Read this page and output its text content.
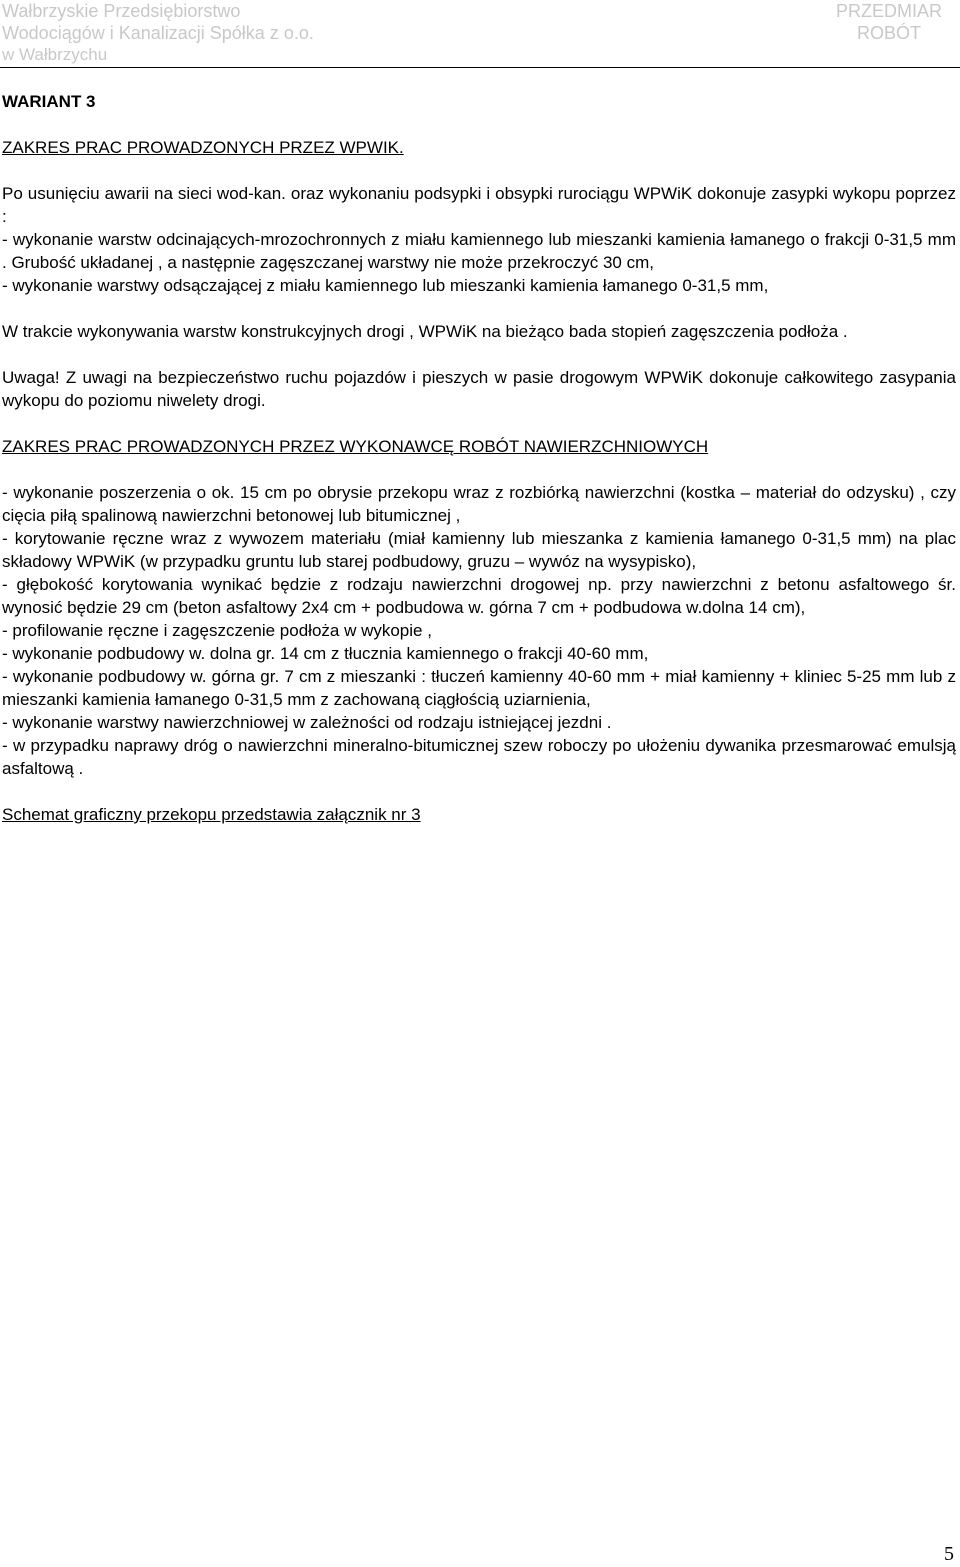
Wałbrzyskie Przedsiębiorstwo
Wodociągów i Kanalizacji Spółka z o.o.
w Wałbrzychu
PRZEDMIAR
ROBÓT

WARIANT 3

ZAKRES PRAC PROWADZONYCH PRZEZ WPWIK.

Po usunięciu awarii na sieci wod-kan. oraz wykonaniu podsypki i obsypki rurociągu WPWiK dokonuje zasypki wykopu poprzez :

- wykonanie warstw odcinających-mrozochronnych z miału kamiennego lub mieszanki kamienia łamanego o frakcji 0-31,5 mm . Grubość układanej , a następnie zagęszczanej warstwy nie może przekroczyć 30 cm,

- wykonanie warstwy odsączającej z miału kamiennego lub mieszanki kamienia łamanego 0-31,5 mm,

W trakcie wykonywania warstw konstrukcyjnych drogi , WPWiK na bieżąco bada stopień zagęszczenia podłoża .

Uwaga! Z uwagi na bezpieczeństwo ruchu pojazdów i pieszych w pasie drogowym WPWiK dokonuje całkowitego zasypania wykopu do poziomu niwelety drogi.

ZAKRES PRAC PROWADZONYCH PRZEZ WYKONAWCĘ ROBÓT NAWIERZCHNIOWYCH

- wykonanie poszerzenia o ok. 15 cm po obrysie przekopu wraz z rozbiórką nawierzchni (kostka – materiał do odzysku) , czy cięcia piłą spalinową nawierzchni betonowej lub bitumicznej ,

- korytowanie ręczne wraz z wywozem materiału (miał kamienny lub mieszanka z kamienia łamanego 0-31,5 mm) na plac składowy WPWiK (w przypadku gruntu lub starej podbudowy, gruzu – wywóz na wysypisko),

- głębokość korytowania wynikać będzie z rodzaju nawierzchni drogowej np. przy nawierzchni z betonu asfaltowego śr. wynosić będzie 29 cm (beton asfaltowy 2x4 cm + podbudowa w. górna 7 cm + podbudowa w.dolna 14 cm),

- profilowanie ręczne i zagęszczenie podłoża w wykopie ,

- wykonanie podbudowy w. dolna gr. 14 cm z tłucznia kamiennego o frakcji 40-60 mm,

- wykonanie podbudowy w. górna gr. 7 cm z mieszanki : tłuczeń kamienny 40-60 mm + miał kamienny + kliniec 5-25 mm lub z mieszanki kamienia łamanego 0-31,5 mm z zachowaną ciągłością uziarnienia,

- wykonanie warstwy nawierzchniowej w zależności od rodzaju istniejącej jezdni .

- w przypadku naprawy dróg o nawierzchni mineralno-bitumicznej szew roboczy po ułożeniu dywanika przesmarować emulsją asfaltową .

Schemat graficzny przekopu przedstawia załącznik nr 3

5
